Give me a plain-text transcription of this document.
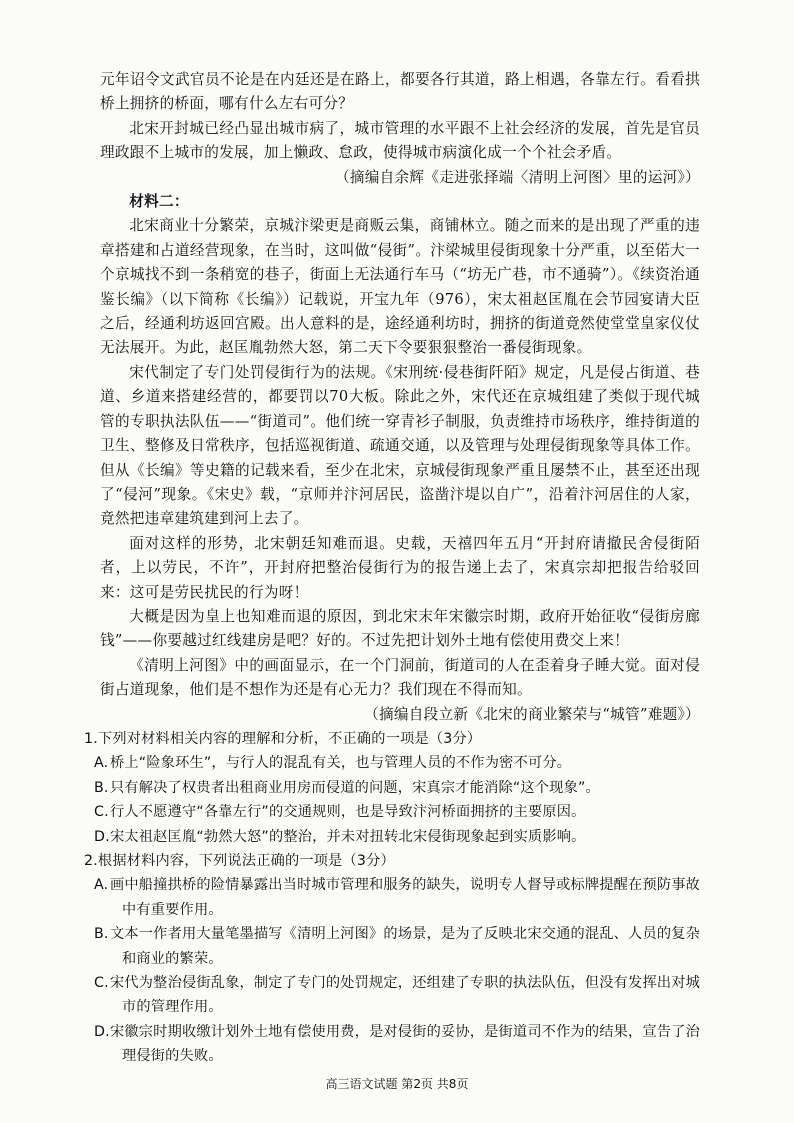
元年诏令文武官员不论是在内廷还是在路上，都要各行其道，路上相遇，各靠左行。看看拱桥上拥挤的桥面，哪有什么左右可分？

北宋开封城已经凸显出城市病了，城市管理的水平跟不上社会经济的发展，首先是官员理政跟不上城市的发展，加上懒政、怠政，使得城市病演化成一个个社会矛盾。

（摘编自余辉《走进张择端〈清明上河图〉里的运河》）

材料二：

北宋商业十分繁荣，京城汴梁更是商贩云集，商铺林立。随之而来的是出现了严重的违章搭建和占道经营现象，在当时，这叫做“侵街”。汴梁城里侵街现象十分严重，以至偌大一个京城找不到一条稍宽的巷子，街面上无法通行车马（“坊无广巷，市不通骑”）。《续资治通鉴长编》（以下简称《长编》）记载说，开宝九年（976），宋太祖赵匡胤在会节园宴请大臣之后，经通利坊返回宫殿。出人意料的是，途经通利坊时，拥挤的街道竟然使堂堂皇家仪仗无法展开。为此，赵匡胤勃然大怒，第二天下令要狠狠整治一番侵街现象。

宋代制定了专门处罚侵街行为的法规。《宋刑统·侵巷街阡陌》规定，凡是侵占街道、巷道、乡道来搭建经营的，都要罚以70大板。除此之外，宋代还在京城组建了类似于现代城管的专职执法队伍——“街道司”。他们统一穿青衫子制服，负责维持市场秩序，维持街道的卫生、整修及日常秩序，包括巡视街道、疏通交通，以及管理与处理侵街现象等具体工作。但从《长编》等史籍的记载来看，至少在北宋，京城侵街现象严重且屡禁不止，甚至还出现了“侵河”现象。《宋史》载，“京师并汴河居民，盗凿汴堤以自广”，沿着汴河居住的人家，竟然把违章建筑建到河上去了。

面对这样的形势，北宋朝廷知难而退。史载，天禧四年五月“开封府请撤民舍侵街陌者，上以劳民，不许”，开封府把整治侵街行为的报告递上去了，宋真宗却把报告给驳回来：这可是劳民扰民的行为呀！

大概是因为皇上也知难而退的原因，到北宋末年宋徽宗时期，政府开始征收“侵街房廊钱”——你要越过红线建房是吧？好的。不过先把计划外土地有偿使用费交上来！

《清明上河图》中的画面显示，在一个门洞前，街道司的人在歪着身子睡大觉。面对侵街占道现象，他们是不想作为还是有心无力？我们现在不得而知。

（摘编自段立新《北宋的商业繁荣与“城管”难题》）

1.下列对材料相关内容的理解和分析，不正确的一项是（3分）

A. 桥上“险象环生”，与行人的混乱有关，也与管理人员的不作为密不可分。

B.只有解决了权贵者出租商业用房而侵道的问题，宋真宗才能消除“这个现象”。

C.行人不愿遵守“各靠左行”的交通规则，也是导致汴河桥面拥挤的主要原因。

D.宋太祖赵匡胤“勃然大怒”的整治，并未对扭转北宋侵街现象起到实质影响。

2.根据材料内容，下列说法正确的一项是（3分）

A. 画中船撞拱桥的险情暴露出当时城市管理和服务的缺失，说明专人督导或标牌提醒在预防事故中有重要作用。

B.文本一作者用大量笔墨描写《清明上河图》的场景，是为了反映北宋交通的混乱、人员的复杂和商业的繁荣。

C.宋代为整治侵街乱象，制定了专门的处罚规定，还组建了专职的执法队伍，但没有发挥出对城市的管理作用。

D.宋徽宗时期收缴计划外土地有偿使用费，是对侵街的妥协，是街道司不作为的结果，宣告了治理侵街的失败。

高三语文试题 第2页 共8页
